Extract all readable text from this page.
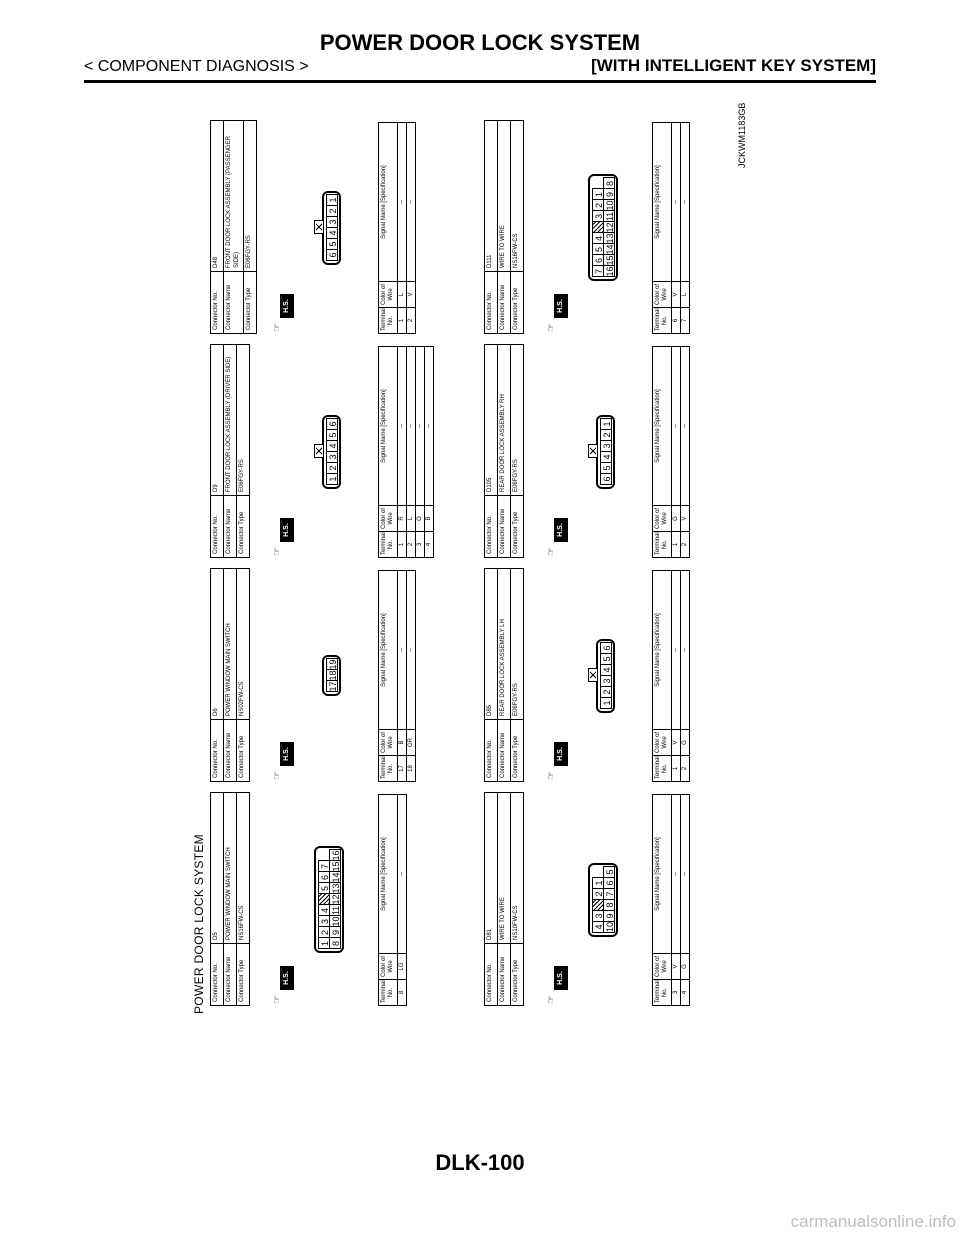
POWER DOOR LOCK SYSTEM
< COMPONENT DIAGNOSIS >	[WITH INTELLIGENT KEY SYSTEM]
POWER DOOR LOCK SYSTEM
JCKWM1183GB
Connector No.
D5
Connector Name
POWER WINDOW MAIN SWITCH
Connector Type
NS16FW-CS
☞
H.S.
1
2
3
4
5
6
7
8
9
10
11
12
13
14
15
16
Terminal No.
Color of Wire
Signal Name [Specification]
8
LG
–
Connector No.
D6
Connector Name
POWER WINDOW MAIN SWITCH
Connector Type
NS02FW-CS
☞
H.S.
17
18
19
Terminal No.
Color of Wire
Signal Name [Specification]
17
B
–
18
GR
–
Connector No.
D9
Connector Name
FRONT DOOR LOCK ASSEMBLY (DRIVER SIDE)
Connector Type
E06FGY-RS
☞
H.S.
1
2
3
4
5
6
Terminal No.
Color of Wire
Signal Name [Specification]
1
R
–
2
L
–
3
O
–
4
B
–
Connector No.
D48
Connector Name
FRONT DOOR LOCK ASSEMBLY (PASSENGER SIDE)
Connector Type
E06FGY-RS
☞
H.S.
6
5
4
3
2
1
Terminal No.
Color of Wire
Signal Name [Specification]
1
L
–
2
V
–
Connector No.
D81
Connector Name
WIRE TO WIRE
Connector Type
NS10FW-CS
☞
H.S.
4
3
2
1
10
9
8
7
6
5
Terminal No.
Color of Wire
Signal Name [Specification]
3
V
–
4
G
–
Connector No.
D85
Connector Name
REAR DOOR LOCK ASSEMBLY LH
Connector Type
E06FGY-RS
☞
H.S.
1
2
3
4
5
6
Terminal No.
Color of Wire
Signal Name [Specification]
1
V
–
2
G
–
Connector No.
D105
Connector Name
REAR DOOR LOCK ASSEMBLY RH
Connector Type
E06FGY-RS
☞
H.S.
6
5
4
3
2
1
Terminal No.
Color of Wire
Signal Name [Specification]
1
G
–
2
V
–
Connector No.
D111
Connector Name
WIRE TO WIRE
Connector Type
NS16FW-CS
☞
H.S.
7
6
5
4
3
2
1
16
15
14
13
12
11
10
9
8
Terminal No.
Color of Wire
Signal Name [Specification]
6
V
–
7
L
–
DLK-100
carmanualsonline.info
